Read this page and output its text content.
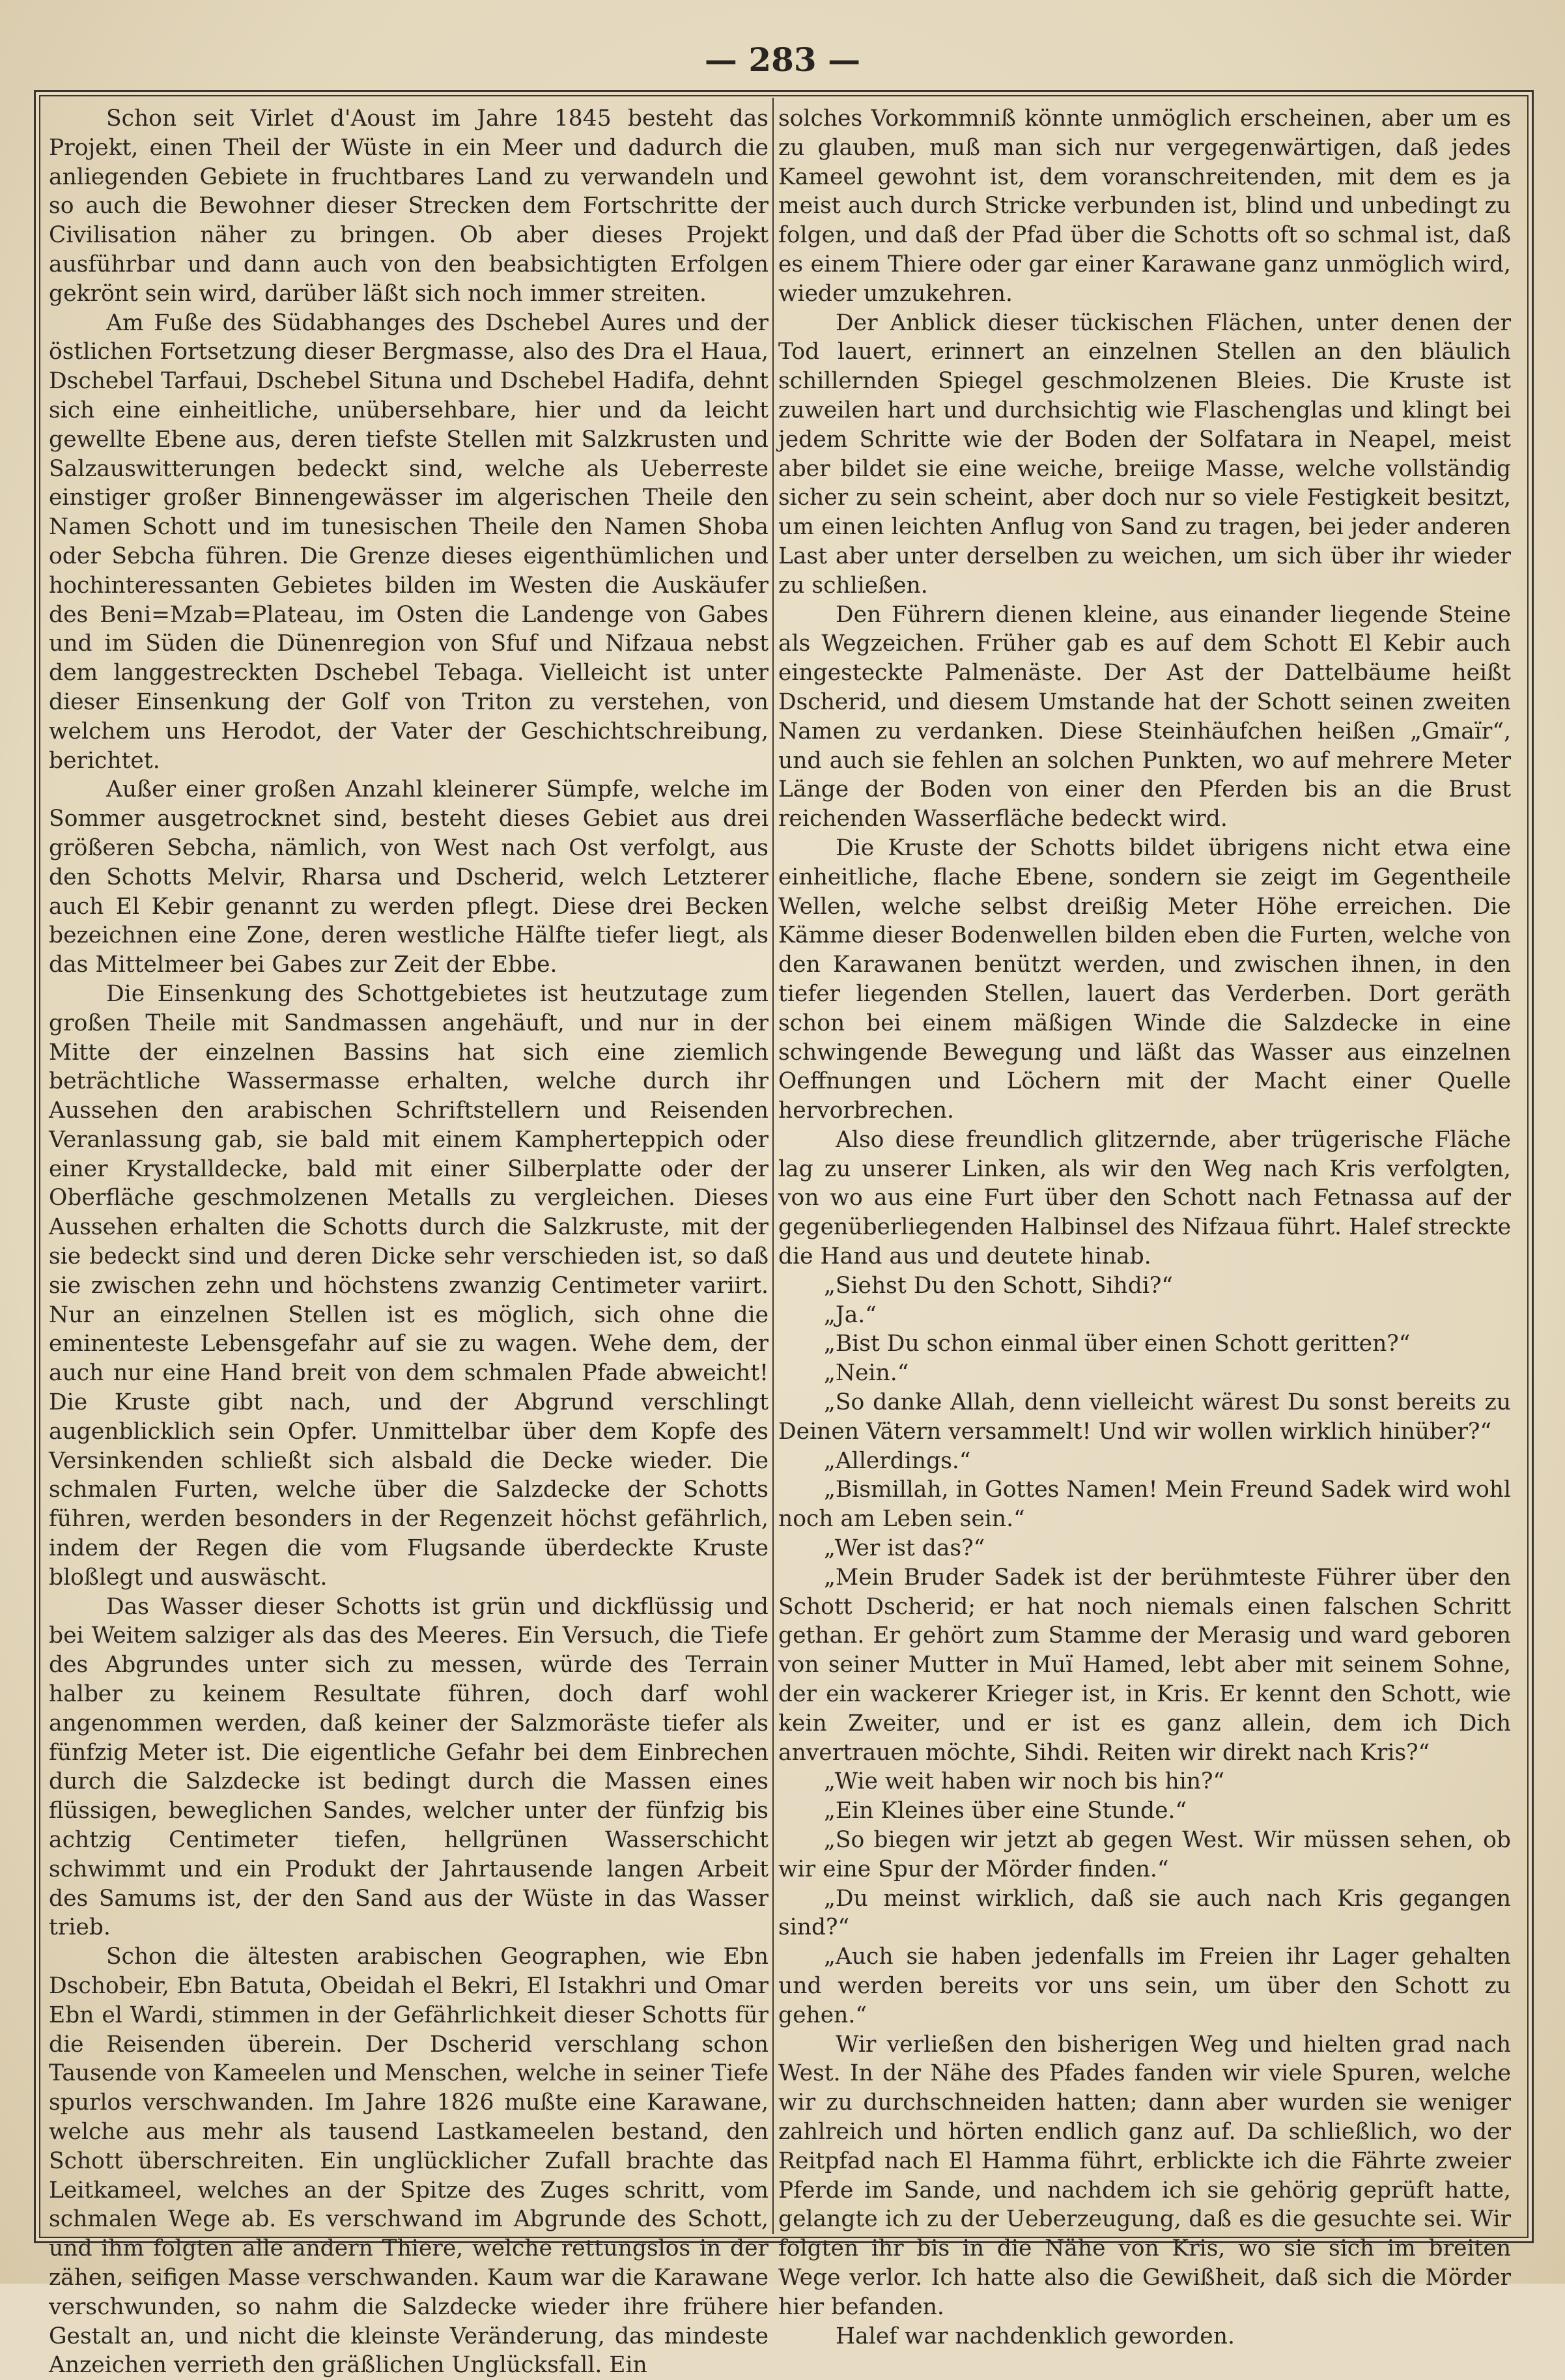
— 283 —

Schon seit Virlet d'Aoust im Jahre 1845 besteht das Projekt, einen Theil der Wüste in ein Meer und dadurch die anliegenden Gebiete in fruchtbares Land zu verwandeln und so auch die Bewohner dieser Strecken dem Fortschritte der Civilisation näher zu bringen. Ob aber dieses Projekt ausführbar und dann auch von den beabsichtigten Erfolgen gekrönt sein wird, darüber läßt sich noch immer streiten.

Am Fuße des Südabhanges des Dschebel Aures und der östlichen Fortsetzung dieser Bergmasse, also des Dra el Haua, Dschebel Tarfaui, Dschebel Situna und Dschebel Hadifa, dehnt sich eine einheitliche, unübersehbare, hier und da leicht gewellte Ebene aus, deren tiefste Stellen mit Salzkrusten und Salzauswitterungen bedeckt sind, welche als Ueberreste einstiger großer Binnengewässer im algerischen Theile den Namen Schott und im tunesischen Theile den Namen Shoba oder Sebcha führen. Die Grenze dieses eigenthümlichen und hochinteressanten Gebietes bilden im Westen die Auskäufer des Beni=Mzab=Plateau, im Osten die Landenge von Gabes und im Süden die Dünenregion von Sfuf und Nifzaua nebst dem langgestreckten Dschebel Tebaga. Vielleicht ist unter dieser Einsenkung der Golf von Triton zu verstehen, von welchem uns Herodot, der Vater der Geschichtschreibung, berichtet.

Außer einer großen Anzahl kleinerer Sümpfe, welche im Sommer ausgetrocknet sind, besteht dieses Gebiet aus drei größeren Sebcha, nämlich, von West nach Ost verfolgt, aus den Schotts Melvir, Rharsa und Dscherid, welch Letzterer auch El Kebir genannt zu werden pflegt. Diese drei Becken bezeichnen eine Zone, deren westliche Hälfte tiefer liegt, als das Mittelmeer bei Gabes zur Zeit der Ebbe.

Die Einsenkung des Schottgebietes ist heutzutage zum großen Theile mit Sandmassen angehäuft, und nur in der Mitte der einzelnen Bassins hat sich eine ziemlich beträchtliche Wassermasse erhalten, welche durch ihr Aussehen den arabischen Schriftstellern und Reisenden Veranlassung gab, sie bald mit einem Kampherteppich oder einer Krystalldecke, bald mit einer Silberplatte oder der Oberfläche geschmolzenen Metalls zu vergleichen. Dieses Aussehen erhalten die Schotts durch die Salzkruste, mit der sie bedeckt sind und deren Dicke sehr verschieden ist, so daß sie zwischen zehn und höchstens zwanzig Centimeter variirt. Nur an einzelnen Stellen ist es möglich, sich ohne die eminenteste Lebensgefahr auf sie zu wagen. Wehe dem, der auch nur eine Hand breit von dem schmalen Pfade abweicht! Die Kruste gibt nach, und der Abgrund verschlingt augenblicklich sein Opfer. Unmittelbar über dem Kopfe des Versinkenden schließt sich alsbald die Decke wieder. Die schmalen Furten, welche über die Salzdecke der Schotts führen, werden besonders in der Regenzeit höchst gefährlich, indem der Regen die vom Flugsande überdeckte Kruste bloßlegt und auswäscht.

Das Wasser dieser Schotts ist grün und dickflüssig und bei Weitem salziger als das des Meeres. Ein Versuch, die Tiefe des Abgrundes unter sich zu messen, würde des Terrain halber zu keinem Resultate führen, doch darf wohl angenommen werden, daß keiner der Salzmoräste tiefer als fünfzig Meter ist. Die eigentliche Gefahr bei dem Einbrechen durch die Salzdecke ist bedingt durch die Massen eines flüssigen, beweglichen Sandes, welcher unter der fünfzig bis achtzig Centimeter tiefen, hellgrünen Wasserschicht schwimmt und ein Produkt der Jahrtausende langen Arbeit des Samums ist, der den Sand aus der Wüste in das Wasser trieb.

Schon die ältesten arabischen Geographen, wie Ebn Dschobeir, Ebn Batuta, Obeidah el Bekri, El Istakhri und Omar Ebn el Wardi, stimmen in der Gefährlichkeit dieser Schotts für die Reisenden überein. Der Dscherid verschlang schon Tausende von Kameelen und Menschen, welche in seiner Tiefe spurlos verschwanden. Im Jahre 1826 mußte eine Karawane, welche aus mehr als tausend Lastkameelen bestand, den Schott überschreiten. Ein unglücklicher Zufall brachte das Leitkameel, welches an der Spitze des Zuges schritt, vom schmalen Wege ab. Es verschwand im Abgrunde des Schott, und ihm folgten alle andern Thiere, welche rettungslos in der zähen, seifigen Masse verschwanden. Kaum war die Karawane verschwunden, so nahm die Salzdecke wieder ihre frühere Gestalt an, und nicht die kleinste Veränderung, das mindeste Anzeichen verrieth den gräßlichen Unglücksfall. Ein

solches Vorkommniß könnte unmöglich erscheinen, aber um es zu glauben, muß man sich nur vergegenwärtigen, daß jedes Kameel gewohnt ist, dem voranschreitenden, mit dem es ja meist auch durch Stricke verbunden ist, blind und unbedingt zu folgen, und daß der Pfad über die Schotts oft so schmal ist, daß es einem Thiere oder gar einer Karawane ganz unmöglich wird, wieder umzukehren.

Der Anblick dieser tückischen Flächen, unter denen der Tod lauert, erinnert an einzelnen Stellen an den bläulich schillernden Spiegel geschmolzenen Bleies. Die Kruste ist zuweilen hart und durchsichtig wie Flaschenglas und klingt bei jedem Schritte wie der Boden der Solfatara in Neapel, meist aber bildet sie eine weiche, breiige Masse, welche vollständig sicher zu sein scheint, aber doch nur so viele Festigkeit besitzt, um einen leichten Anflug von Sand zu tragen, bei jeder anderen Last aber unter derselben zu weichen, um sich über ihr wieder zu schließen.

Den Führern dienen kleine, aus einander liegende Steine als Wegzeichen. Früher gab es auf dem Schott El Kebir auch eingesteckte Palmenäste. Der Ast der Dattelbäume heißt Dscherid, und diesem Umstande hat der Schott seinen zweiten Namen zu verdanken. Diese Steinhäufchen heißen „Gmaïr“, und auch sie fehlen an solchen Punkten, wo auf mehrere Meter Länge der Boden von einer den Pferden bis an die Brust reichenden Wasserfläche bedeckt wird.

Die Kruste der Schotts bildet übrigens nicht etwa eine einheitliche, flache Ebene, sondern sie zeigt im Gegentheile Wellen, welche selbst dreißig Meter Höhe erreichen. Die Kämme dieser Bodenwellen bilden eben die Furten, welche von den Karawanen benützt werden, und zwischen ihnen, in den tiefer liegenden Stellen, lauert das Verderben. Dort geräth schon bei einem mäßigen Winde die Salzdecke in eine schwingende Bewegung und läßt das Wasser aus einzelnen Oeffnungen und Löchern mit der Macht einer Quelle hervorbrechen.

Also diese freundlich glitzernde, aber trügerische Fläche lag zu unserer Linken, als wir den Weg nach Kris verfolgten, von wo aus eine Furt über den Schott nach Fetnassa auf der gegenüberliegenden Halbinsel des Nifzaua führt. Halef streckte die Hand aus und deutete hinab.

„Siehst Du den Schott, Sihdi?“

„Ja.“

„Bist Du schon einmal über einen Schott geritten?“

„Nein.“

„So danke Allah, denn vielleicht wärest Du sonst bereits zu Deinen Vätern versammelt! Und wir wollen wirklich hinüber?“

„Allerdings.“

„Bismillah, in Gottes Namen! Mein Freund Sadek wird wohl noch am Leben sein.“

„Wer ist das?“

„Mein Bruder Sadek ist der berühmteste Führer über den Schott Dscherid; er hat noch niemals einen falschen Schritt gethan. Er gehört zum Stamme der Merasig und ward geboren von seiner Mutter in Muï Hamed, lebt aber mit seinem Sohne, der ein wackerer Krieger ist, in Kris. Er kennt den Schott, wie kein Zweiter, und er ist es ganz allein, dem ich Dich anvertrauen möchte, Sihdi. Reiten wir direkt nach Kris?“

„Wie weit haben wir noch bis hin?“

„Ein Kleines über eine Stunde.“

„So biegen wir jetzt ab gegen West. Wir müssen sehen, ob wir eine Spur der Mörder finden.“

„Du meinst wirklich, daß sie auch nach Kris gegangen sind?“

„Auch sie haben jedenfalls im Freien ihr Lager gehalten und werden bereits vor uns sein, um über den Schott zu gehen.“

Wir verließen den bisherigen Weg und hielten grad nach West. In der Nähe des Pfades fanden wir viele Spuren, welche wir zu durchschneiden hatten; dann aber wurden sie weniger zahlreich und hörten endlich ganz auf. Da schließlich, wo der Reitpfad nach El Hamma führt, erblickte ich die Fährte zweier Pferde im Sande, und nachdem ich sie gehörig geprüft hatte, gelangte ich zu der Ueberzeugung, daß es die gesuchte sei. Wir folgten ihr bis in die Nähe von Kris, wo sie sich im breiten Wege verlor. Ich hatte also die Gewißheit, daß sich die Mörder hier befanden.

Halef war nachdenklich geworden.
